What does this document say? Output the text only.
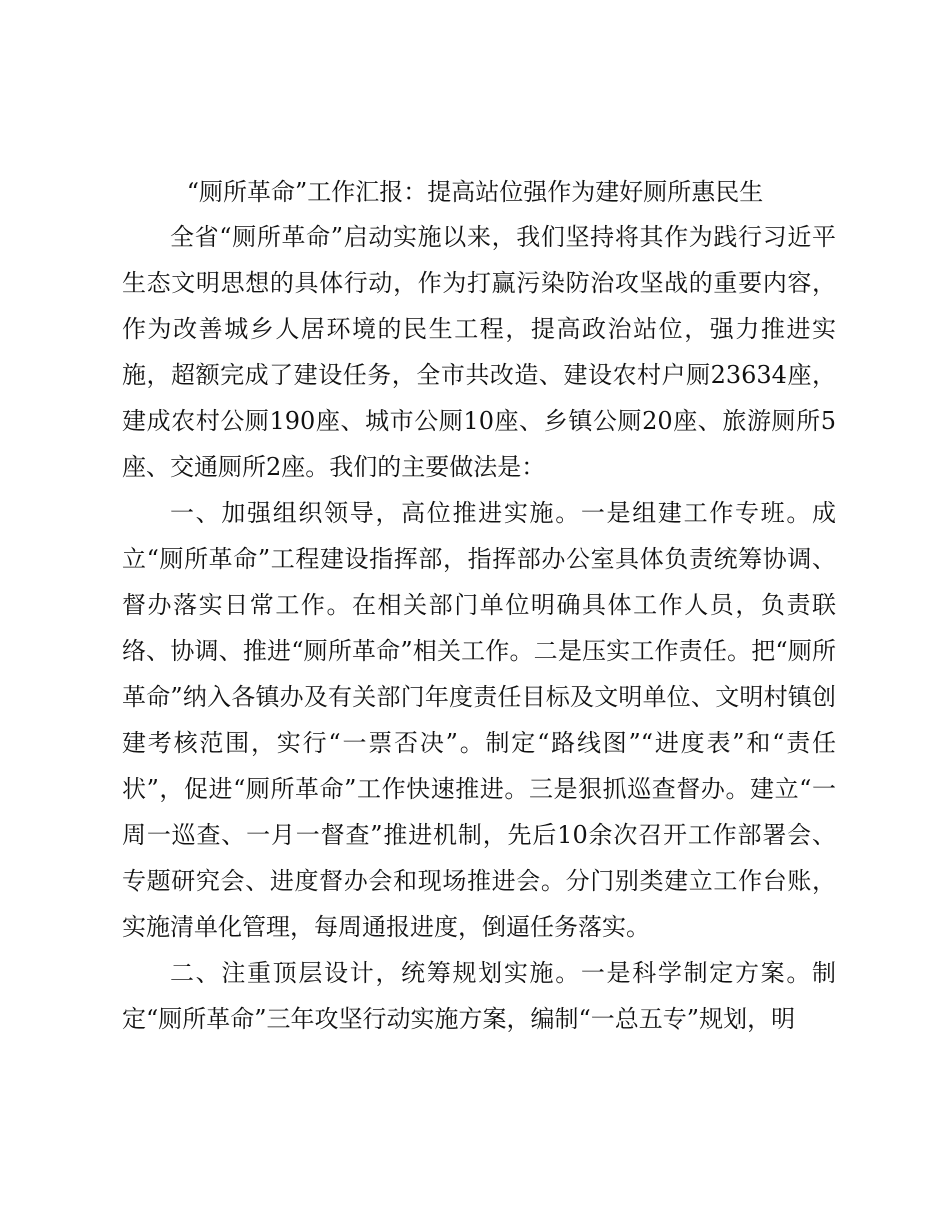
“厕所革命”工作汇报：提高站位强作为建好厕所惠民生

全省“厕所革命”启动实施以来，我们坚持将其作为践行习近平生态文明思想的具体行动，作为打赢污染防治攻坚战的重要内容，作为改善城乡人居环境的民生工程，提高政治站位，强力推进实施，超额完成了建设任务，全市共改造、建设农村户厕23634座，建成农村公厕190座、城市公厕10座、乡镇公厕20座、旅游厕所5座、交通厕所2座。我们的主要做法是：

一、加强组织领导，高位推进实施。一是组建工作专班。成立“厕所革命”工程建设指挥部，指挥部办公室具体负责统筹协调、督办落实日常工作。在相关部门单位明确具体工作人员，负责联络、协调、推进“厕所革命”相关工作。二是压实工作责任。把“厕所革命”纳入各镇办及有关部门年度责任目标及文明单位、文明村镇创建考核范围，实行“一票否决”。制定“路线图”“进度表”和“责任状”，促进“厕所革命”工作快速推进。三是狠抓巡查督办。建立“一周一巡查、一月一督查”推进机制，先后10余次召开工作部署会、专题研究会、进度督办会和现场推进会。分门别类建立工作台账，实施清单化管理，每周通报进度，倒逼任务落实。

二、注重顶层设计，统筹规划实施。一是科学制定方案。制定“厕所革命”三年攻坚行动实施方案，编制“一总五专”规划，明
